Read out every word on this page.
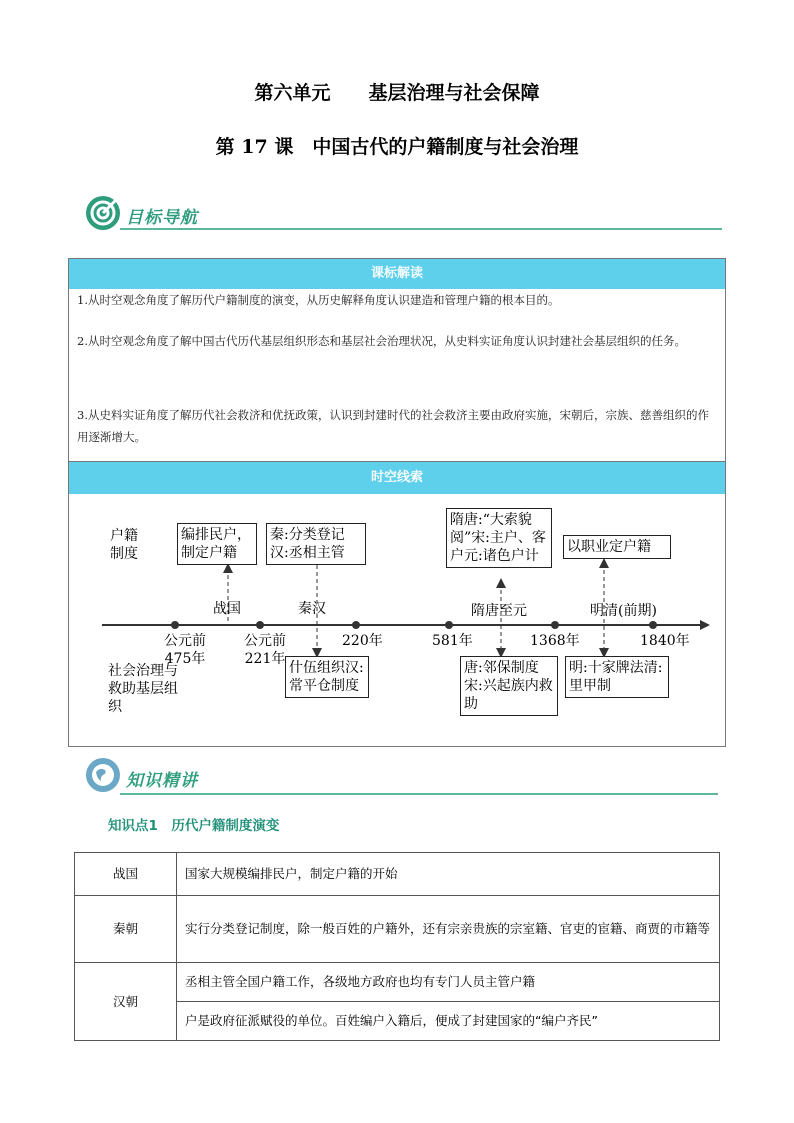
第六单元　　基层治理与社会保障
第 17 课　中国古代的户籍制度与社会治理
目标导航
课标解读
1.从时空观念角度了解历代户籍制度的演变，从历史解释角度认识建造和管理户籍的根本目的。
2.从时空观念角度了解中国古代历代基层组织形态和基层社会治理状况，从史料实证角度认识封建社会基层组织的任务。
3.从史料实证角度了解历代社会救济和优抚政策，认识到封建时代的社会救济主要由政府实施，宋朝后，宗族、慈善组织的作用逐渐增大。
时空线索
户籍制度
社会治理与救助基层组织
编排民户，制定户籍
秦:分类登记汉:丞相主管
隋唐:“大索貌阅”宋:主户、客户元:诸色户计
以职业定户籍
战国	秦汉	隋唐至元	明清(前期)
公元前475年
公元前221年
220年	581年	1368年	1840年
什伍组织汉:常平仓制度
唐:邻保制度宋:兴起族内救助
明:十家牌法清:里甲制
知识精讲
知识点1　历代户籍制度演变
战国	国家大规模编排民户，制定户籍的开始
秦朝	实行分类登记制度，除一般百姓的户籍外，还有宗亲贵族的宗室籍、官吏的宦籍、商贾的市籍等
汉朝	丞相主管全国户籍工作，各级地方政府也均有专门人员主管户籍
	户是政府征派赋役的单位。百姓编户入籍后，便成了封建国家的“编户齐民”
